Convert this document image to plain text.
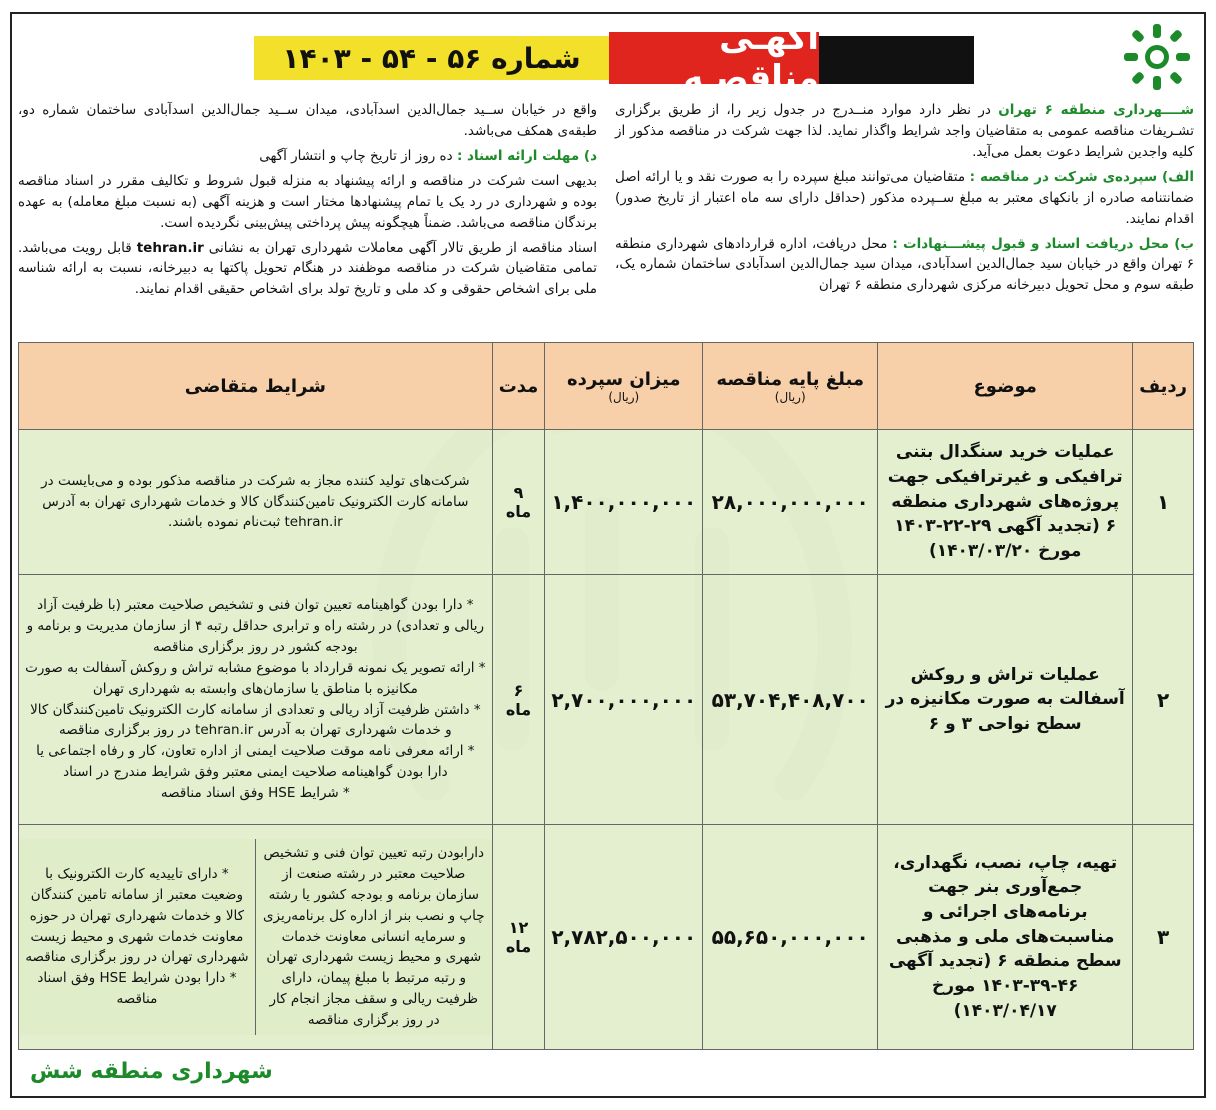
آگهـی مناقصـه
شماره ۵۶ - ۵۴ - ۱۴۰۳

شــــهرداری منطقه ۶ تهران در نظر دارد موارد منــدرج در جدول زیر را، از طریق برگزاری تشـریفات مناقصه عمومی به متقاضیان واجد شرایط واگذار نماید. لذا جهت شرکت در مناقصه مذکور از کلیه واجدین شرایط دعوت بعمل می‌آید.

الف) سپرده‌ی شرکت در مناقصه : متقاضیان می‌توانند مبلغ سپرده را به صورت نقد و یا ارائه اصل ضمانتنامه صادره از بانکهای معتبر به مبلغ ســپرده مذکور (حداقل دارای سه ماه اعتبار از تاریخ صدور) اقدام نمایند.

ب) محل دریافت اسناد و قبول پیشـــنهادات : محل دریافت، اداره قراردادهای شهرداری منطقه ۶ تهران واقع در خیابان سید جمال‌الدین اسدآبادی، میدان سید جمال‌الدین اسدآبادی ساختمان شماره یک، طبقه سوم و محل تحویل دبیرخانه مرکزی شهرداری منطقه ۶ تهران

واقع در خیابان ســید جمال‌الدین اسدآبادی، میدان ســید جمال‌الدین اسدآبادی ساختمان شماره دو، طبقه‌ی همکف می‌باشد.

د) مهلت ارائه اسناد : ده روز از تاریخ چاپ و انتشار آگهی

بدیهی است شرکت در مناقصه و ارائه پیشنهاد به منزله قبول شروط و تکالیف مقرر در اسناد مناقصه بوده و شهرداری در رد یک یا تمام پیشنهادها مختار است و هزینه آگهی (به نسبت مبلغ معامله) به عهده برندگان مناقصه می‌باشد. ضمناً هیچگونه پیش پرداختی پیش‌بینی نگردیده است.

اسناد مناقصه از طریق تالار آگهی معاملات شهرداری تهران به نشانی tehran.ir قابل رویت می‌باشد. تمامی متقاضیان شرکت در مناقصه موظفند در هنگام تحویل پاکتها به دبیرخانه، نسبت به ارائه شناسه ملی برای اشخاص حقوقی و کد ملی و تاریخ تولد برای اشخاص حقیقی اقدام نمایند.

ردیف	موضوع	مبلغ پایه مناقصه
(ریال)
	میزان سپرده
(ریال)
	مدت	شرایط متقاضی
۱	عملیات خرید سنگدال بتنی ترافیکی و غیرترافیکی جهت پروژه‌های شهرداری منطقه ۶ (تجدید آگهی ۲۹-۲۲-۱۴۰۳ مورخ ۱۴۰۳/۰۳/۲۰)	۲۸,۰۰۰,۰۰۰,۰۰۰	۱,۴۰۰,۰۰۰,۰۰۰	۹ ماه	شرکت‌های تولید کننده مجاز به شرکت در مناقصه مذکور بوده و می‌بایست در سامانه کارت الکترونیک تامین‌کنندگان کالا و خدمات شهرداری تهران به آدرس tehran.ir ثبت‌نام نموده باشند.
۲	عملیات تراش و روکش آسفالت به صورت مکانیزه در سطح نواحی ۳ و ۶	۵۳,۷۰۴,۴۰۸,۷۰۰	۲,۷۰۰,۰۰۰,۰۰۰	۶ ماه	
* دارا بودن گواهینامه تعیین توان فنی و تشخیص صلاحیت معتبر (با ظرفیت آزاد ریالی و تعدادی) در رشته راه و ترابری حداقل رتبه ۴ از سازمان مدیریت و برنامه و بودجه کشور در روز برگزاری مناقصه
* ارائه تصویر یک نمونه قرارداد با موضوع مشابه تراش و روکش آسفالت به صورت مکانیزه با مناطق یا سازمان‌های وابسته به شهرداری تهران
* داشتن ظرفیت آزاد ریالی و تعدادی از سامانه کارت الکترونیک تامین‌کنندگان کالا و خدمات شهرداری تهران به آدرس tehran.ir در روز برگزاری مناقصه
* ارائه معرفی نامه موقت صلاحیت ایمنی از اداره تعاون، کار و رفاه اجتماعی یا دارا بودن گواهینامه صلاحیت ایمنی معتبر وفق شرایط مندرج در اسناد
* شرایط HSE وفق اسناد مناقصه

۳	تهیه، چاپ، نصب، نگهداری، جمع‌آوری بنر جهت برنامه‌های اجرائی و مناسبت‌های ملی و مذهبی سطح منطقه ۶ (تجدید آگهی ۴۶-۳۹-۱۴۰۳ مورخ ۱۴۰۳/۰۴/۱۷)	۵۵,۶۵۰,۰۰۰,۰۰۰	۲,۷۸۲,۵۰۰,۰۰۰	۱۲ ماه	
دارابودن رتبه تعیین توان فنی و تشخیص صلاحیت معتبر در رشته صنعت از سازمان برنامه و بودجه کشور یا رشته چاپ و نصب بنر از اداره کل برنامه‌ریزی و سرمایه انسانی معاونت خدمات شهری و محیط زیست شهرداری تهران و رتبه مرتبط با مبلغ پیمان، دارای ظرفیت ریالی و سقف مجاز انجام کار در روز برگزاری مناقصه	
* دارای تاییدیه کارت الکترونیک با وضعیت معتبر از سامانه تامین کنندگان کالا و خدمات شهرداری تهران در حوزه معاونت خدمات شهری و محیط زیست شهرداری تهران در روز برگزاری مناقصه
* دارا بودن شرایط HSE وفق اسناد مناقصه
شهرداری منطقه شش
